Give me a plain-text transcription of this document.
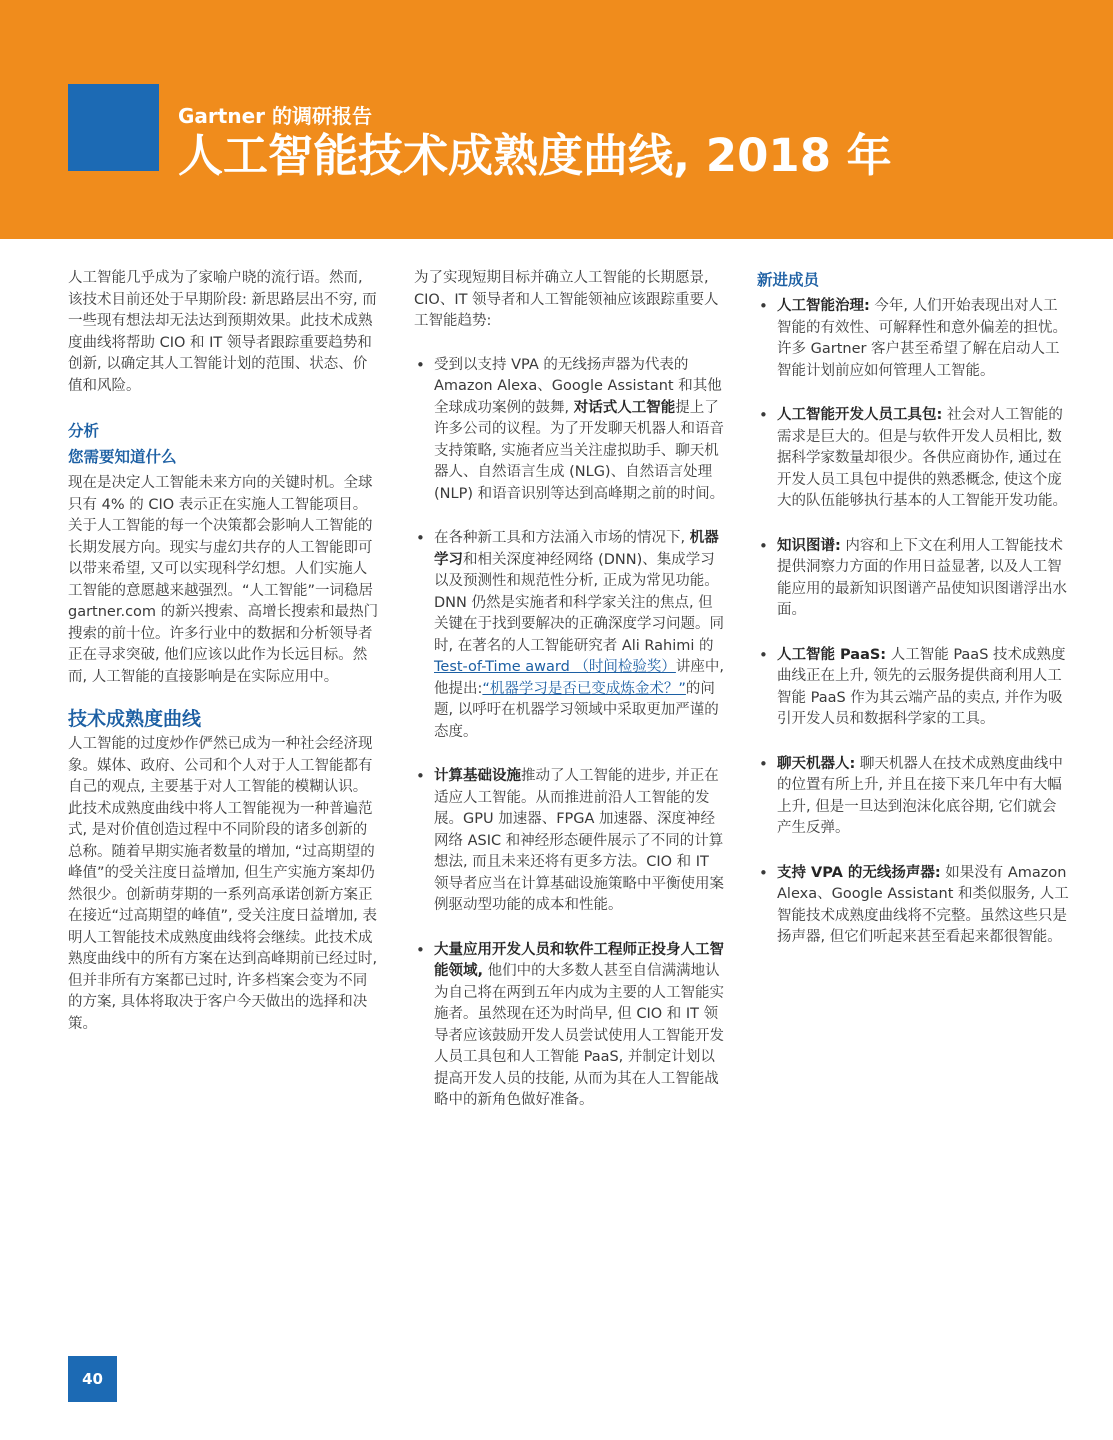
Gartner 的调研报告
人工智能技术成熟度曲线, 2018 年

人工智能几乎成为了家喻户晓的流行语。然而, 该技术目前还处于早期阶段: 新思路层出不穷, 而一些现有想法却无法达到预期效果。此技术成熟度曲线将帮助 CIO 和 IT 领导者跟踪重要趋势和创新, 以确定其人工智能计划的范围、状态、价值和风险。

分析

您需要知道什么

现在是决定人工智能未来方向的关键时机。全球只有 4% 的 CIO 表示正在实施人工智能项目。关于人工智能的每一个决策都会影响人工智能的长期发展方向。现实与虚幻共存的人工智能即可以带来希望, 又可以实现科学幻想。人们实施人工智能的意愿越来越强烈。“人工智能”一词稳居 gartner.com 的新兴搜索、高增长搜索和最热门搜索的前十位。许多行业中的数据和分析领导者正在寻求突破, 他们应该以此作为长远目标。然而, 人工智能的直接影响是在实际应用中。

技术成熟度曲线

人工智能的过度炒作俨然已成为一种社会经济现象。媒体、政府、公司和个人对于人工智能都有自己的观点, 主要基于对人工智能的模糊认识。此技术成熟度曲线中将人工智能视为一种普遍范式, 是对价值创造过程中不同阶段的诸多创新的总称。随着早期实施者数量的增加, “过高期望的峰值”的受关注度日益增加, 但生产实施方案却仍然很少。创新萌芽期的一系列高承诺创新方案正在接近“过高期望的峰值”, 受关注度日益增加, 表明人工智能技术成熟度曲线将会继续。此技术成熟度曲线中的所有方案在达到高峰期前已经过时, 但并非所有方案都已过时, 许多档案会变为不同的方案, 具体将取决于客户今天做出的选择和决策。

为了实现短期目标并确立人工智能的长期愿景, CIO、IT 领导者和人工智能领袖应该跟踪重要人工智能趋势:

• 受到以支持 VPA 的无线扬声器为代表的 Amazon Alexa、Google Assistant 和其他全球成功案例的鼓舞, 对话式人工智能提上了许多公司的议程。为了开发聊天机器人和语音支持策略, 实施者应当关注虚拟助手、聊天机器人、自然语言生成 (NLG)、自然语言处理 (NLP) 和语音识别等达到高峰期之前的时间。
• 在各种新工具和方法涌入市场的情况下, 机器学习和相关深度神经网络 (DNN)、集成学习以及预测性和规范性分析, 正成为常见功能。DNN 仍然是实施者和科学家关注的焦点, 但关键在于找到要解决的正确深度学习问题。同时, 在著名的人工智能研究者 Ali Rahimi 的 Test-of-Time award （时间检验奖）讲座中, 他提出:“机器学习是否已变成炼金术？”的问题, 以呼吁在机器学习领域中采取更加严谨的态度。
• 计算基础设施推动了人工智能的进步, 并正在适应人工智能。从而推进前沿人工智能的发展。GPU 加速器、FPGA 加速器、深度神经网络 ASIC 和神经形态硬件展示了不同的计算想法, 而且未来还将有更多方法。CIO 和 IT 领导者应当在计算基础设施策略中平衡使用案例驱动型功能的成本和性能。
• 大量应用开发人员和软件工程师正投身人工智能领域, 他们中的大多数人甚至自信满满地认为自己将在两到五年内成为主要的人工智能实施者。虽然现在还为时尚早, 但 CIO 和 IT 领导者应该鼓励开发人员尝试使用人工智能开发人员工具包和人工智能 PaaS, 并制定计划以提高开发人员的技能, 从而为其在人工智能战略中的新角色做好准备。

新进成员

• 人工智能治理: 今年, 人们开始表现出对人工智能的有效性、可解释性和意外偏差的担忧。许多 Gartner 客户甚至希望了解在启动人工智能计划前应如何管理人工智能。
• 人工智能开发人员工具包: 社会对人工智能的需求是巨大的。但是与软件开发人员相比, 数据科学家数量却很少。各供应商协作, 通过在开发人员工具包中提供的熟悉概念, 使这个庞大的队伍能够执行基本的人工智能开发功能。
• 知识图谱: 内容和上下文在利用人工智能技术提供洞察力方面的作用日益显著, 以及人工智能应用的最新知识图谱产品使知识图谱浮出水面。
• 人工智能 PaaS: 人工智能 PaaS 技术成熟度曲线正在上升, 领先的云服务提供商利用人工智能 PaaS 作为其云端产品的卖点, 并作为吸引开发人员和数据科学家的工具。
• 聊天机器人: 聊天机器人在技术成熟度曲线中的位置有所上升, 并且在接下来几年中有大幅上升, 但是一旦达到泡沫化底谷期, 它们就会产生反弹。
• 支持 VPA 的无线扬声器: 如果没有 Amazon Alexa、Google Assistant 和类似服务, 人工智能技术成熟度曲线将不完整。虽然这些只是扬声器, 但它们听起来甚至看起来都很智能。
40
